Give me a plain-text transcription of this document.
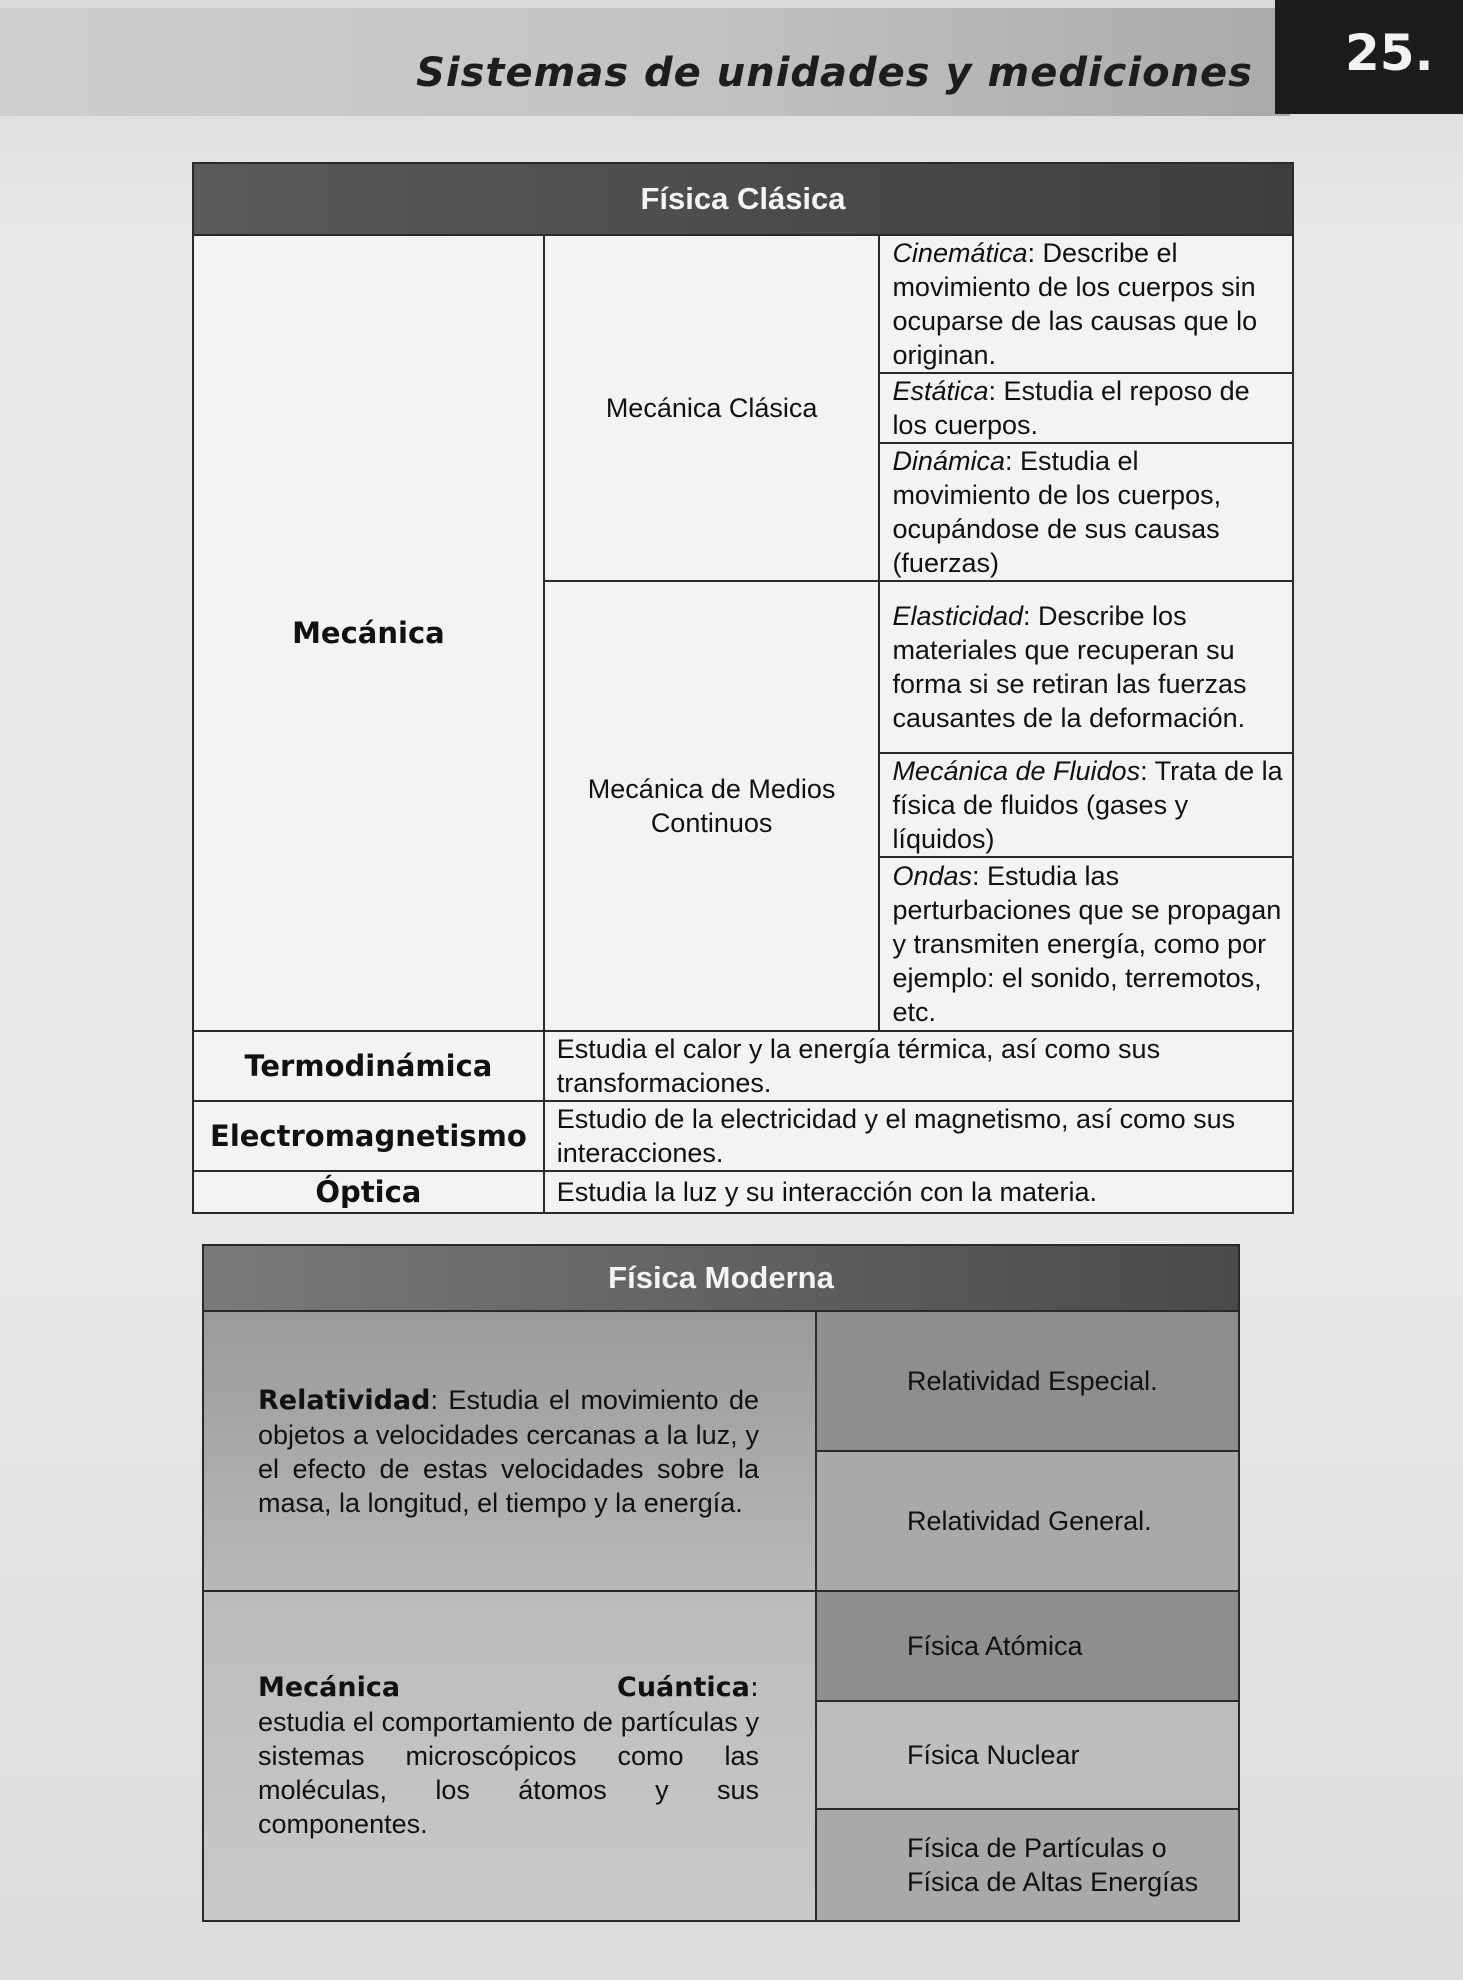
Sistemas de unidades y mediciones 25.
Física Clásica		
Mecánica	Mecánica Clásica	Cinemática: Describe el movimiento de los cuerpos sin ocuparse de las causas que lo originan.
		Estática: Estudia el reposo de los cuerpos.
		Dinámica: Estudia el movimiento de los cuerpos, ocupándose de sus causas (fuerzas)
	Mecánica de Medios Continuos	Elasticidad: Describe los materiales que recuperan su forma si se retiran las fuerzas causantes de la deformación.
		Mecánica de Fluidos: Trata de la física de fluidos (gases y líquidos)
		Ondas: Estudia las perturbaciones que se propagan y transmiten energía, como por ejemplo: el sonido, terremotos, etc.
Termodinámica	Estudia el calor y la energía térmica, así como sus transformaciones.	
Electromagnetismo	Estudio de la electricidad y el magnetismo, así como sus interacciones.	
Óptica	Estudia la luz y su interacción con la materia.	
Física Moderna	
Relatividad: Estudia el movimiento de objetos a velocidades cercanas a la luz, y el efecto de estas velocidades sobre la masa, la longitud, el tiempo y la energía.	Relatividad Especial.
	Relatividad General.

Mecánica Cuántica:
estudia el comportamiento de partículas y sistemas microscópicos como las moléculas, los átomos y sus componentes.	Física Atómica
	Física Nuclear

	Física de Partículas o Física de Altas Energías
